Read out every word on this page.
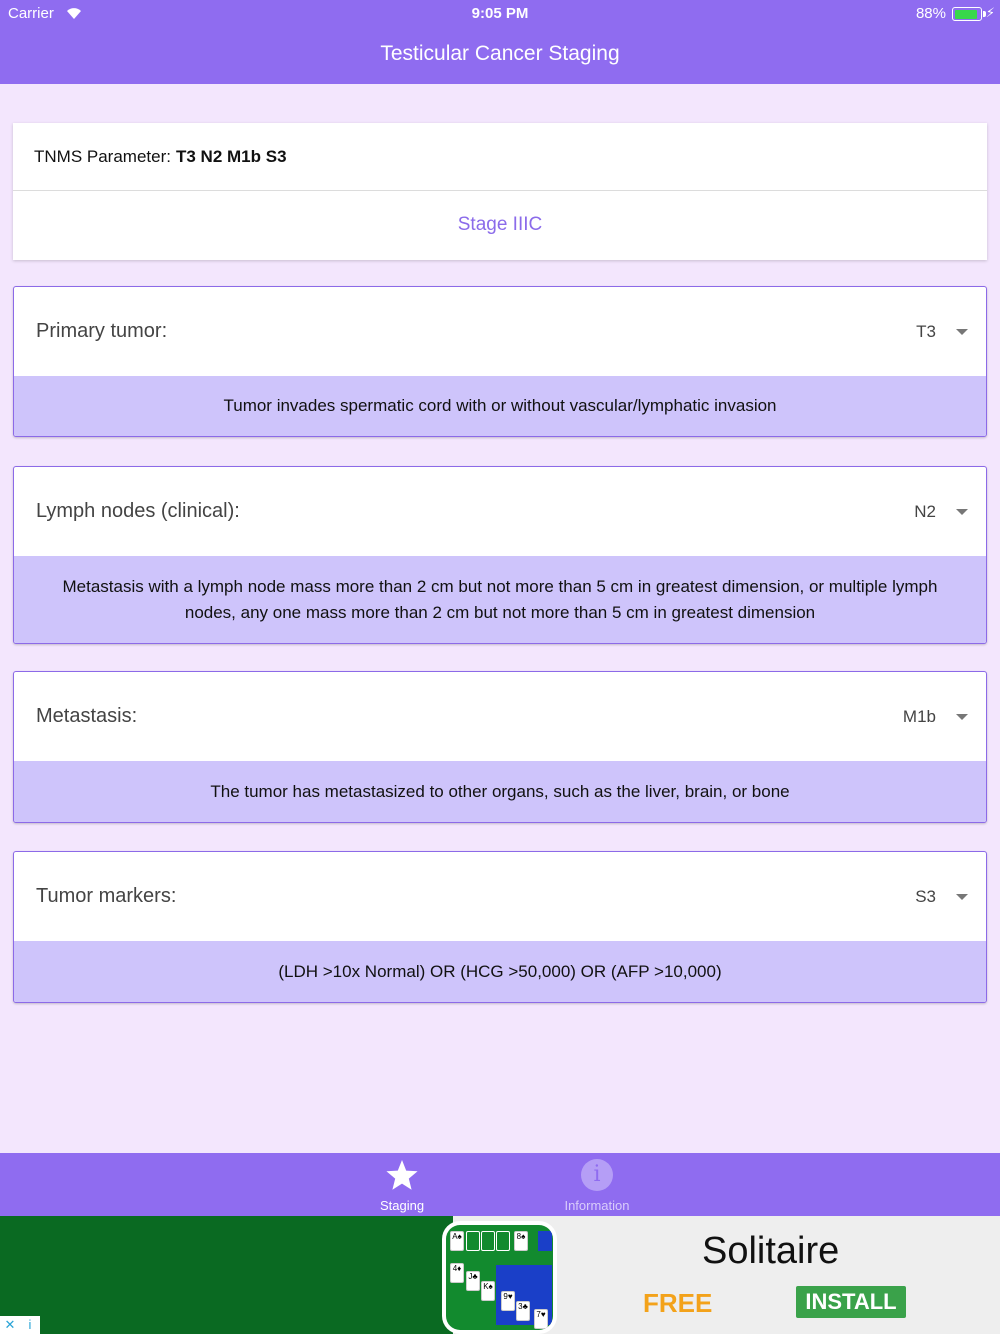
Carrier	9:05 PM	88%	⚡
Testicular Cancer Staging
TNMS Parameter: T3 N2 M1b S3
Stage IIIC
Primary tumor:	T3
Tumor invades spermatic cord with or without vascular/lymphatic invasion
Lymph nodes (clinical):	N2
Metastasis with a lymph node mass more than 2 cm but not more than 5 cm in greatest dimension, or multiple lymph nodes, any one mass more than 2 cm but not more than 5 cm in greatest dimension
Metastasis:	M1b
The tumor has metastasized to other organs, such as the liver, brain, or bone
Tumor markers:	S3
(LDH >10x Normal) OR (HCG >50,000) OR (AFP >10,000)
Staging
i
Information
A♠	8♠
4♦
J♣
K♠
9♥
3♣
7♥
Solitaire
FREE	INSTALL
✕	i
